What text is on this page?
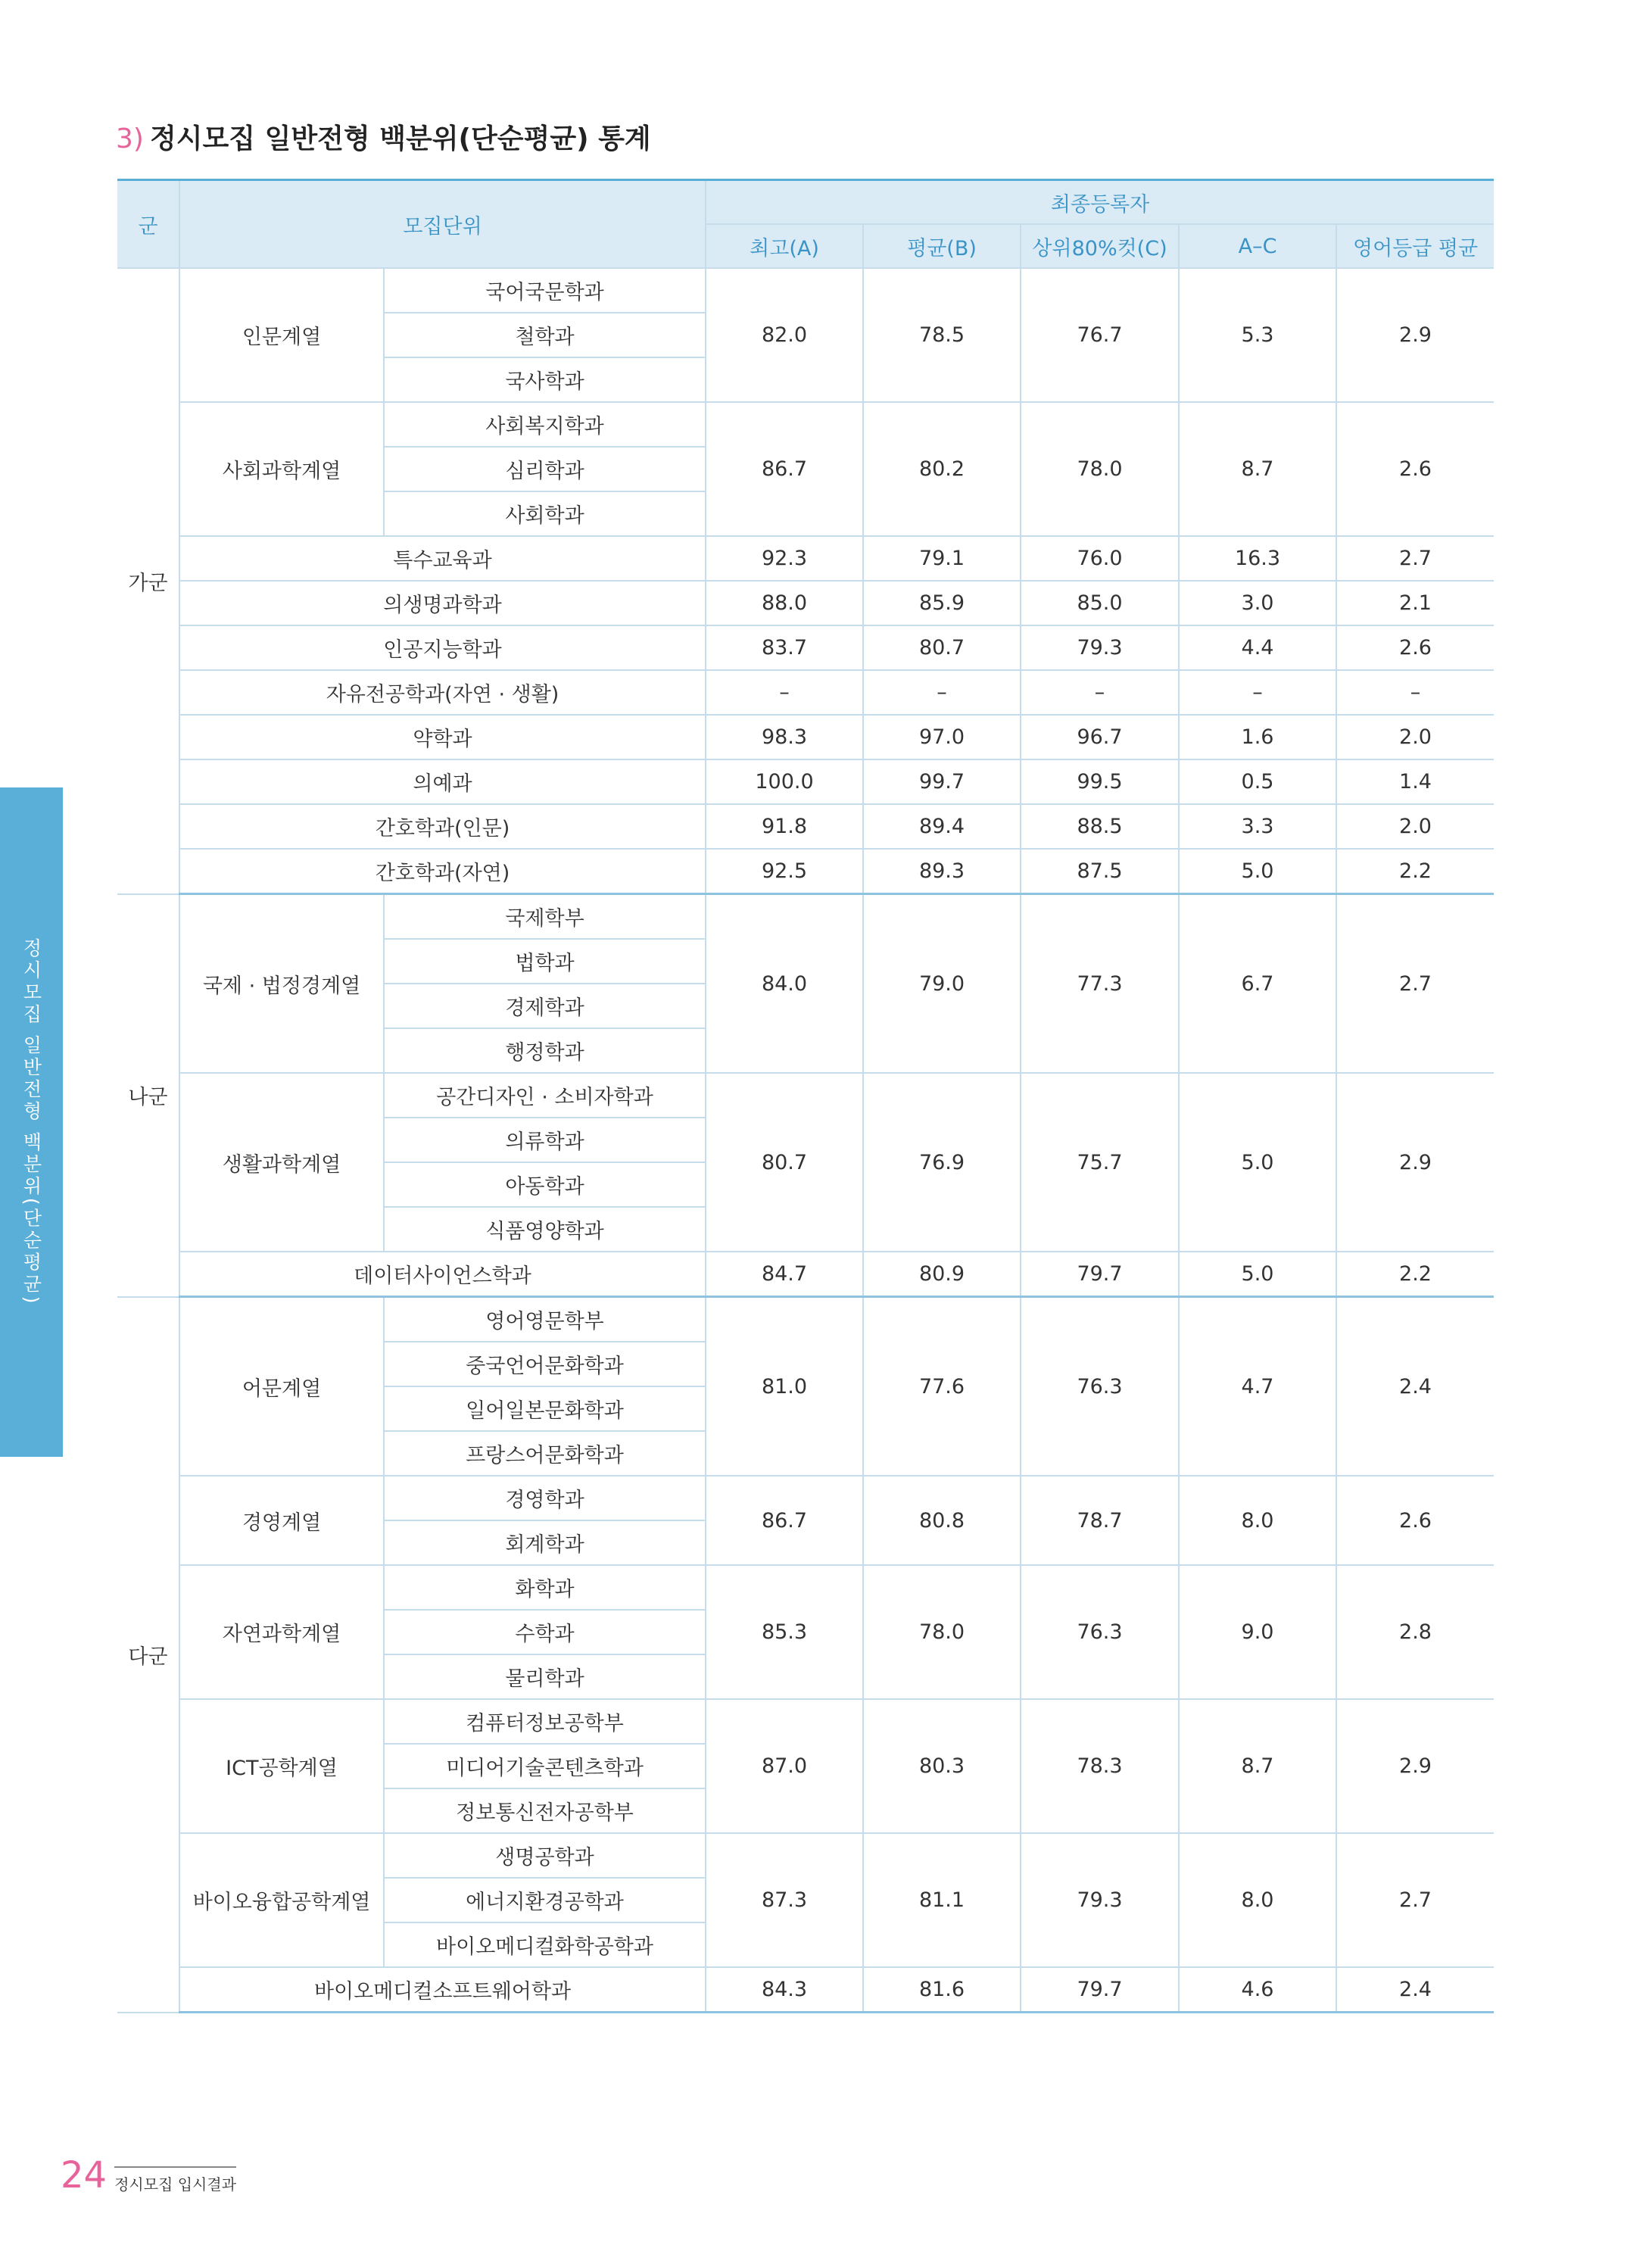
3) 정시모집 일반전형 백분위(단순평균) 통계
군	모집단위		최종등록자				
			최고(A)	평균(B)	상위80%컷(C)	A–C	영어등급 평균
가군	인문계열	국어국문학과	82.0	78.5	76.7	5.3	2.9
		철학과					
		국사학과					
	사회과학계열	사회복지학과	86.7	80.2	78.0	8.7	2.6
		심리학과					
		사회학과					
	특수교육과		92.3	79.1	76.0	16.3	2.7
	의생명과학과		88.0	85.9	85.0	3.0	2.1
	인공지능학과		83.7	80.7	79.3	4.4	2.6
	자유전공학과(자연 · 생활)		–	–	–	–	–
	약학과		98.3	97.0	96.7	1.6	2.0
	의예과		100.0	99.7	99.5	0.5	1.4
	간호학과(인문)		91.8	89.4	88.5	3.3	2.0
	간호학과(자연)		92.5	89.3	87.5	5.0	2.2
나군	국제 · 법정경계열	국제학부	84.0	79.0	77.3	6.7	2.7
		법학과					
		경제학과					
		행정학과					
	생활과학계열	공간디자인 · 소비자학과	80.7	76.9	75.7	5.0	2.9
		의류학과					
		아동학과					
		식품영양학과					
	데이터사이언스학과		84.7	80.9	79.7	5.0	2.2
다군	어문계열	영어영문학부	81.0	77.6	76.3	4.7	2.4
		중국언어문화학과					
		일어일본문화학과					
		프랑스어문화학과					
	경영계열	경영학과	86.7	80.8	78.7	8.0	2.6
		회계학과					
	자연과학계열	화학과	85.3	78.0	76.3	9.0	2.8
		수학과					
		물리학과					
	ICT공학계열	컴퓨터정보공학부	87.0	80.3	78.3	8.7	2.9
		미디어기술콘텐츠학과					
		정보통신전자공학부					
	바이오융합공학계열	생명공학과	87.3	81.1	79.3	8.0	2.7
		에너지환경공학과					
		바이오메디컬화학공학과					
	바이오메디컬소프트웨어학과		84.3	81.6	79.7	4.6	2.4
정시모집 일반전형 백분위(단순평균)
24 정시모집 입시결과
